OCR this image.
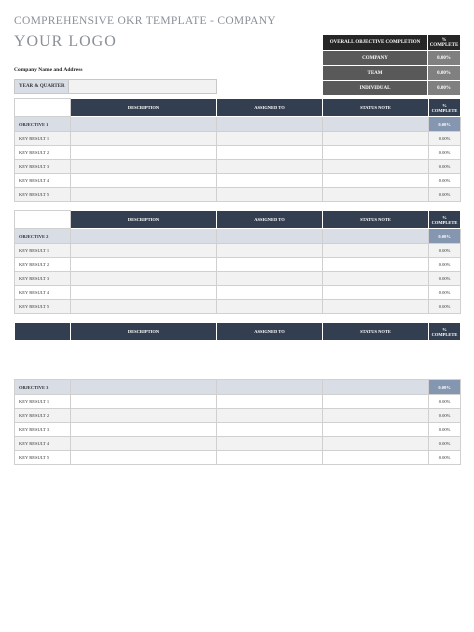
COMPREHENSIVE OKR TEMPLATE - COMPANY
YOUR LOGO
Company Name and Address
YEAR & QUARTER
OVERALL OBJECTIVE COMPLETION	% COMPLETE
COMPANY	0.00%
TEAM	0.00%
INDIVIDUAL	0.00%
	DESCRIPTION	ASSIGNED TO	STATUS NOTE	% COMPLETE
OBJECTIVE 1				0.00%
KEY RESULT 1				0.00%
KEY RESULT 2				0.00%
KEY RESULT 3				0.00%
KEY RESULT 4				0.00%
KEY RESULT 5				0.00%
	DESCRIPTION	ASSIGNED TO	STATUS NOTE	% COMPLETE
OBJECTIVE 2				0.00%
KEY RESULT 1				0.00%
KEY RESULT 2				0.00%
KEY RESULT 3				0.00%
KEY RESULT 4				0.00%
KEY RESULT 5				0.00%
	DESCRIPTION	ASSIGNED TO	STATUS NOTE	% COMPLETE
OBJECTIVE 3				0.00%
KEY RESULT 1				0.00%
KEY RESULT 2				0.00%
KEY RESULT 3				0.00%
KEY RESULT 4				0.00%
KEY RESULT 5				0.00%
